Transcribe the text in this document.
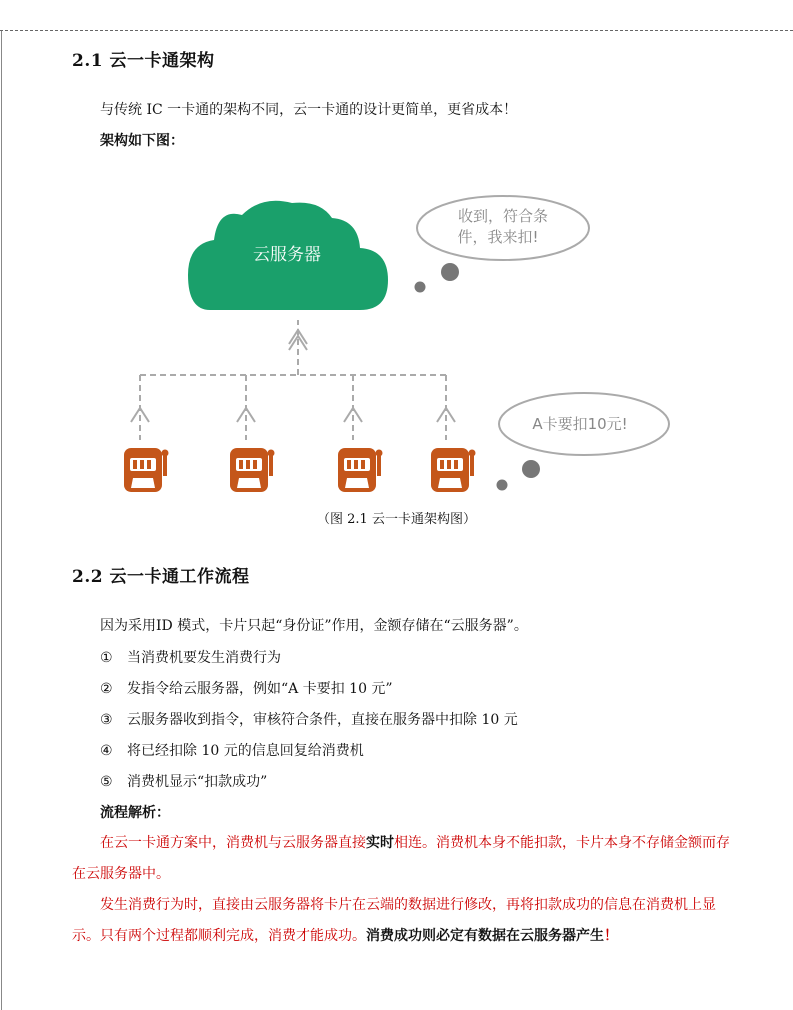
2.1 云一卡通架构
与传统 IC 一卡通的架构不同，云一卡通的设计更简单，更省成本！
架构如下图：
云服务器
收到，符合条
件，我来扣!
A卡要扣10元!
（图 2.1 云一卡通架构图）
2.2 云一卡通工作流程
因为采用ID 模式，卡片只起“身份证”作用，金额存储在“云服务器”。
① 当消费机要发生消费行为
② 发指令给云服务器，例如“A 卡要扣 10 元”
③ 云服务器收到指令，审核符合条件，直接在服务器中扣除 10 元
④ 将已经扣除 10 元的信息回复给消费机
⑤ 消费机显示“扣款成功”
流程解析：
在云一卡通方案中，消费机与云服务器直接实时相连。消费机本身不能扣款，卡片本身不存储金额而存在云服务器中。
发生消费行为时，直接由云服务器将卡片在云端的数据进行修改，再将扣款成功的信息在消费机上显示。只有两个过程都顺利完成，消费才能成功。消费成功则必定有数据在云服务器产生！
